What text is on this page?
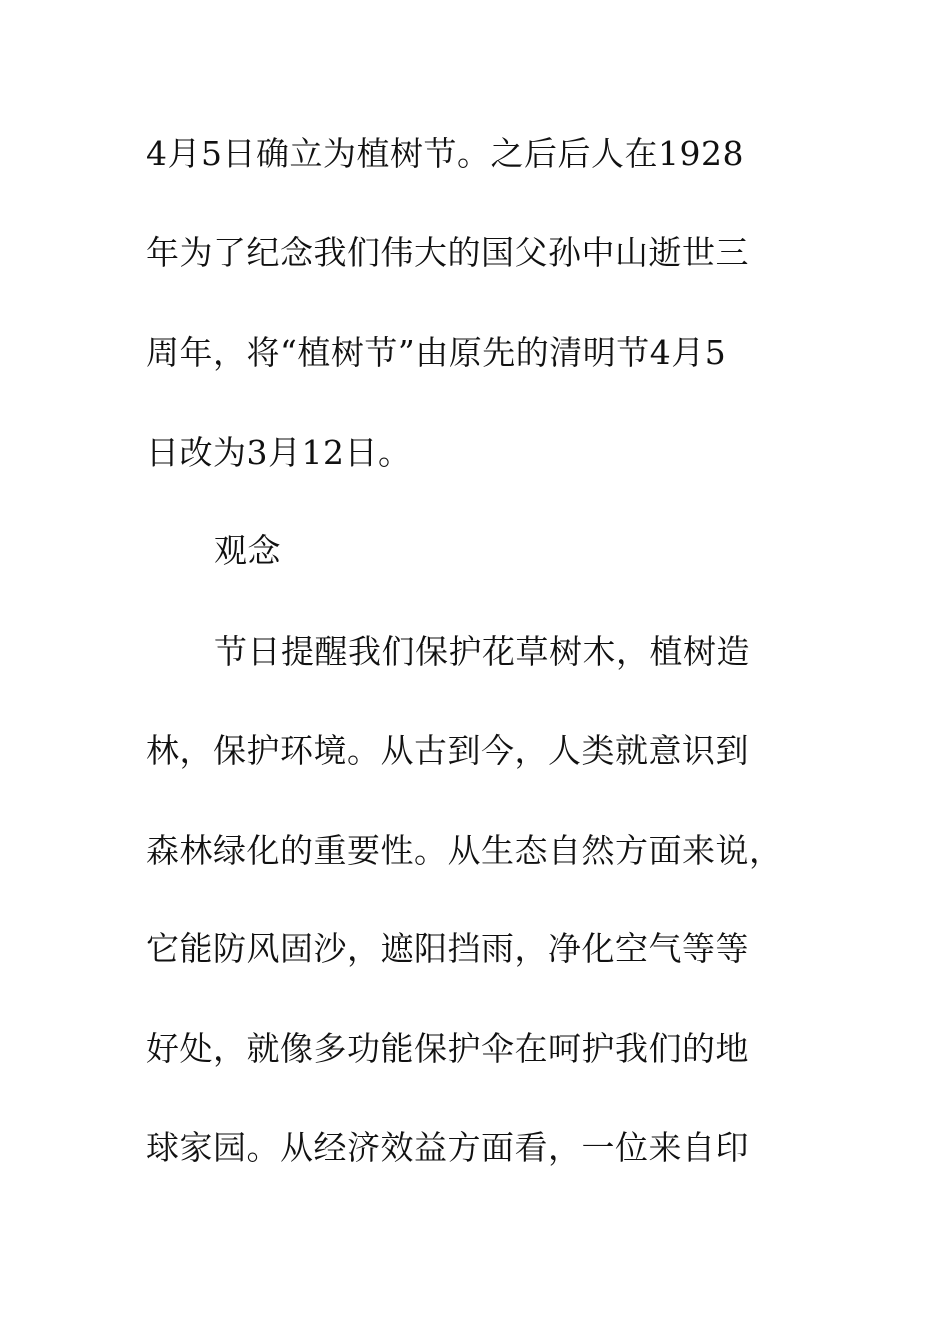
4月5日确立为植树节。之后后人在1928
年为了纪念我们伟大的国父孙中山逝世三
周年，将“植树节”由原先的清明节4月5
日改为3月12日。
观念
节日提醒我们保护花草树木，植树造
林，保护环境。从古到今，人类就意识到
森林绿化的重要性。从生态自然方面来说，
它能防风固沙，遮阳挡雨，净化空气等等
好处，就像多功能保护伞在呵护我们的地
球家园。从经济效益方面看，一位来自印
